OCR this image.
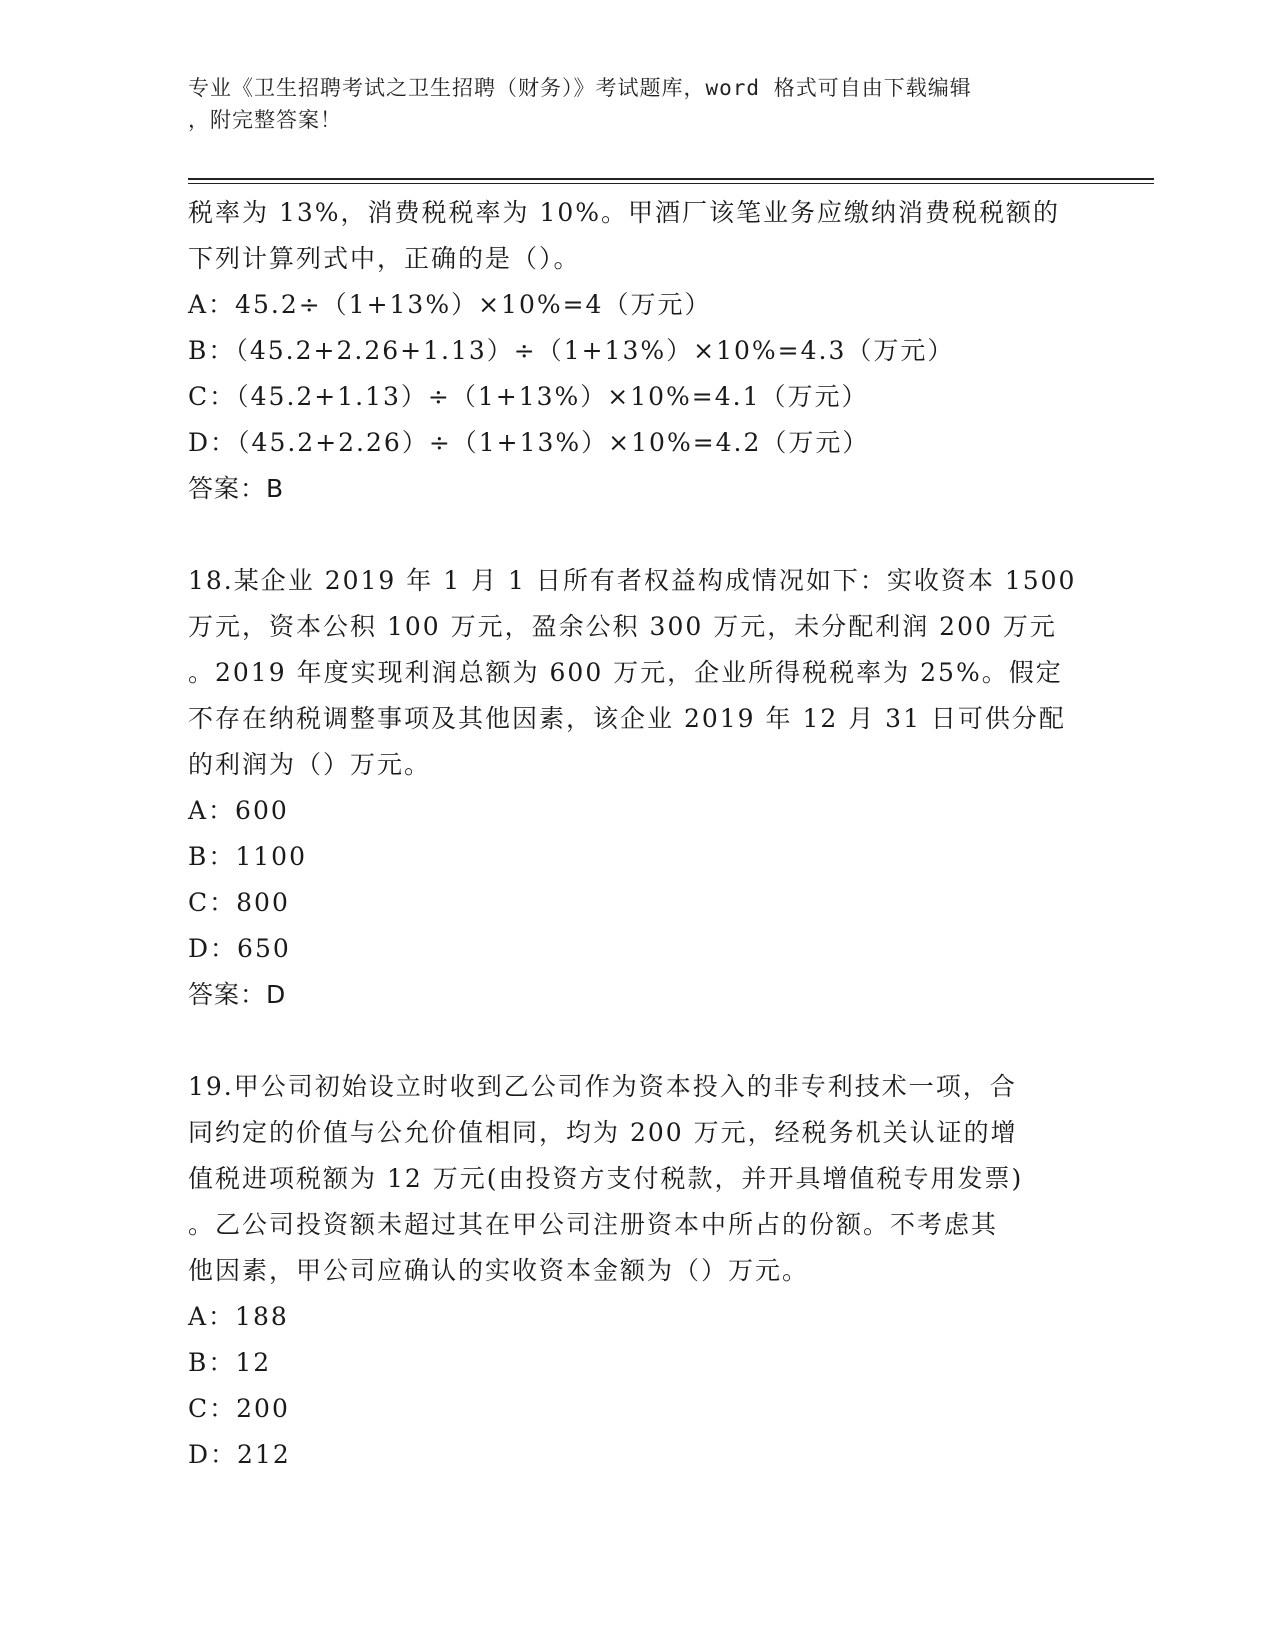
专业《卫生招聘考试之卫生招聘（财务）》考试题库，word 格式可自由下载编辑
，附完整答案！
税率为 13%，消费税税率为 10%。甲酒厂该笔业务应缴纳消费税税额的
下列计算列式中，正确的是（）。
A：45.2÷（1+13%）×10%=4（万元）
B：（45.2+2.26+1.13）÷（1+13%）×10%=4.3（万元）
C：（45.2+1.13）÷（1+13%）×10%=4.1（万元）
D：（45.2+2.26）÷（1+13%）×10%=4.2（万元）
答案：B
18.某企业 2019 年 1 月 1 日所有者权益构成情况如下：实收资本 1500
万元，资本公积 100 万元，盈余公积 300 万元，未分配利润 200 万元
。2019 年度实现利润总额为 600 万元，企业所得税税率为 25%。假定
不存在纳税调整事项及其他因素，该企业 2019 年 12 月 31 日可供分配
的利润为（）万元。
A：600
B：1100
C：800
D：650
答案：D
19.甲公司初始设立时收到乙公司作为资本投入的非专利技术一项，合
同约定的价值与公允价值相同，均为 200 万元，经税务机关认证的增
值税进项税额为 12 万元(由投资方支付税款，并开具增值税专用发票)
。乙公司投资额未超过其在甲公司注册资本中所占的份额。不考虑其
他因素，甲公司应确认的实收资本金额为（）万元。
A：188
B：12
C：200
D：212
